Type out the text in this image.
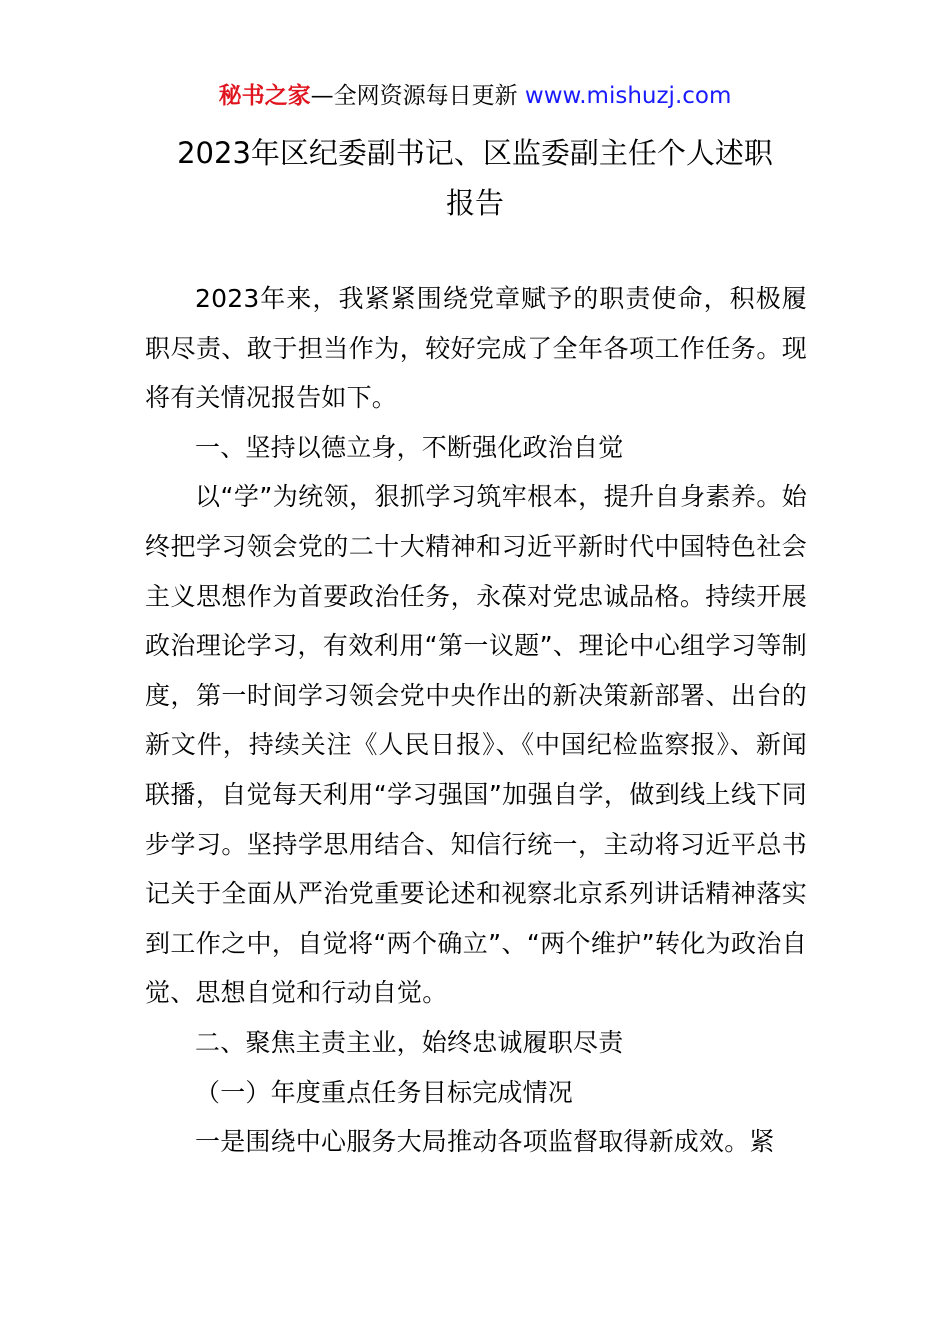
秘书之家—全网资源每日更新 www.mishuzj.com
2023年区纪委副书记、区监委副主任个人述职
报告

2023年来，我紧紧围绕党章赋予的职责使命，积极履职尽责、敢于担当作为，较好完成了全年各项工作任务。现将有关情况报告如下。

一、坚持以德立身，不断强化政治自觉

以“学”为统领，狠抓学习筑牢根本，提升自身素养。始终把学习领会党的二十大精神和习近平新时代中国特色社会主义思想作为首要政治任务，永葆对党忠诚品格。持续开展政治理论学习，有效利用“第一议题”、理论中心组学习等制度，第一时间学习领会党中央作出的新决策新部署、出台的新文件，持续关注《人民日报》、《中国纪检监察报》、新闻联播，自觉每天利用“学习强国”加强自学，做到线上线下同步学习。坚持学思用结合、知信行统一，主动将习近平总书记关于全面从严治党重要论述和视察北京系列讲话精神落实到工作之中，自觉将“两个确立”、“两个维护”转化为政治自觉、思想自觉和行动自觉。

二、聚焦主责主业，始终忠诚履职尽责

（一）年度重点任务目标完成情况

一是围绕中心服务大局推动各项监督取得新成效。紧
